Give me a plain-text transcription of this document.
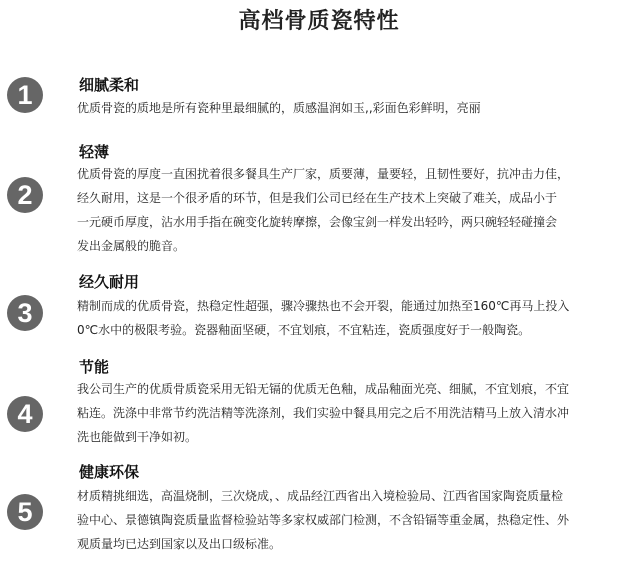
高档骨质瓷特性
1	细腻柔和
优质骨瓷的质地是所有瓷种里最细腻的，质感温润如玉,,彩面色彩鲜明，亮丽
2
轻薄
优质骨瓷的厚度一直困扰着很多餐具生产厂家，质要薄，量要轻，且韧性要好，抗冲击力佳，
经久耐用，这是一个很矛盾的环节，但是我们公司已经在生产技术上突破了难关，成品小于
一元硬币厚度，沾水用手指在碗变化旋转摩擦，会像宝剑一样发出轻吟，两只碗轻轻碰撞会
发出金属般的脆音。
3
经久耐用
精制而成的优质骨瓷，热稳定性超强，骤冷骤热也不会开裂，能通过加热至160℃再马上投入
0℃水中的极限考验。瓷器釉面坚硬，不宜划痕，不宜粘连，瓷质强度好于一般陶瓷。
4
节能
我公司生产的优质骨质瓷采用无铅无镉的优质无色釉，成品釉面光亮、细腻，不宜划痕，不宜
粘连。洗涤中非常节约洗洁精等洗涤剂，我们实验中餐具用完之后不用洗洁精马上放入清水冲
洗也能做到干净如初。
5
健康环保
材质精挑细选，高温烧制，三次烧成，、成品经江西省出入境检验局、江西省国家陶瓷质量检
验中心、景德镇陶瓷质量监督检验站等多家权威部门检测，不含铅镉等重金属，热稳定性、外
观质量均已达到国家以及出口级标准。
